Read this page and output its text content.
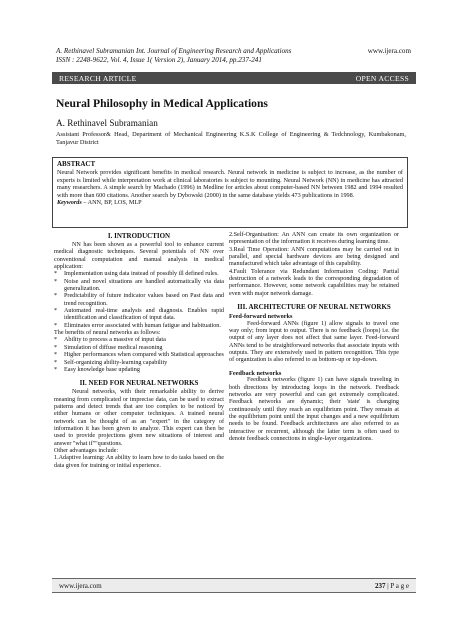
A. Rethinavel Subramanian Int. Journal of Engineering Research and Applications	www.ijera.com
ISSN : 2248-9622, Vol. 4, Issue 1( Version 2), January 2014, pp.237-241
RESEARCH ARTICLE	OPEN ACCESS
Neural Philosophy in Medical Applications
A. Rethinavel Subramanian
Assistant Professor& Head, Department of Mechanical Engineering K.S.K College of Engineering & Tedchnology, Kumbakonam, Tanjavur District
ABSTRACT
Neural Network provides significant benefits in medical research. Neural network in medicine is subject to increase, as the number of experts is limited while interpretation work at clinical laboratories is subject to mounting. Neural Network (NN) in medicine has attracted many researchers. A simple search by Machado (1996) in Medline for articles about computer-based NN between 1982 and 1994 resulted with more than 600 citations. Another search by Dybowski (2000) in the same database yields 473 publications in 1998.
Keywords – ANN, BP, LOS, MLP
I. INTRODUCTION

NN has been shown as a powerful tool to enhance current medical diagnostic techniques. Several potentials of NN over conventional computation and manual analysis in medical application:

* Implementation using data instead of possibly ill defined rules.
* Noise and novel situations are handled automatically via data generalization.
* Predictability of future indicator values based on Past data and trend recognition.
* Automated real-time analysis and diagnosis. Enables rapid identification and classification of input data.
* Eliminates error associated with human fatigue and habituation.

The benefits of neural networks as follows:

* Ability to process a massive of input data
* Simulation of diffuse medical reasoning
* Higher performances when compared with Statistical approaches
* Self-organizing ability-learning capability
* Easy knowledge base updating
II. NEED FOR NEURAL NETWORKS

Neural networks, with their remarkable ability to derive meaning from complicated or imprecise data, can be used to extract patterns and detect trends that are too complex to be noticed by either humans or other computer techniques. A trained neural network can be thought of as an "expert" in the category of information it has been given to analyze. This expert can then be used to provide projections given new situations of interest and answer "what if""questions.

Other advantages include:

1.Adaptive learning: An ability to learn how to do tasks based on the data given for training or initial experience.

2.Self-Organisation: An ANN can create its own organization or representation of the information it receives during learning time.

3.Real Time Operation: ANN computations may be carried out in parallel, and special hardware devices are being designed and manufactured which take advantage of this capability.

4.Fault Tolerance via Redundant Information Coding: Partial destruction of a network leads to the corresponding degradation of performance. However, some network capabilities may be retained even with major network damage.

III. ARCHITECTURE OF NEURAL NETWORKS
Feed-forward networks

Feed-forward ANNs (figure 1) allow signals to travel one way only; from input to output. There is no feedback (loops) i.e. the output of any layer does not affect that same layer. Feed-forward ANNs tend to be straightforward networks that associate inputs with outputs. They are extensively used in pattern recognition. This type of organization is also referred to as bottom-up or top-down.

Feedback networks

Feedback networks (figure 1) can have signals traveling in both directions by introducing loops in the network. Feedback networks are very powerful and can get extremely complicated. Feedback networks are dynamic; their 'state' is changing continuously until they reach an equilibrium point. They remain at the equilibrium point until the input changes and a new equilibrium needs to be found. Feedback architectures are also referred to as interactive or recurrent, although the latter term is often used to denote feedback connections in single-layer organizations.

www.ijera.com	237 | P a g e
